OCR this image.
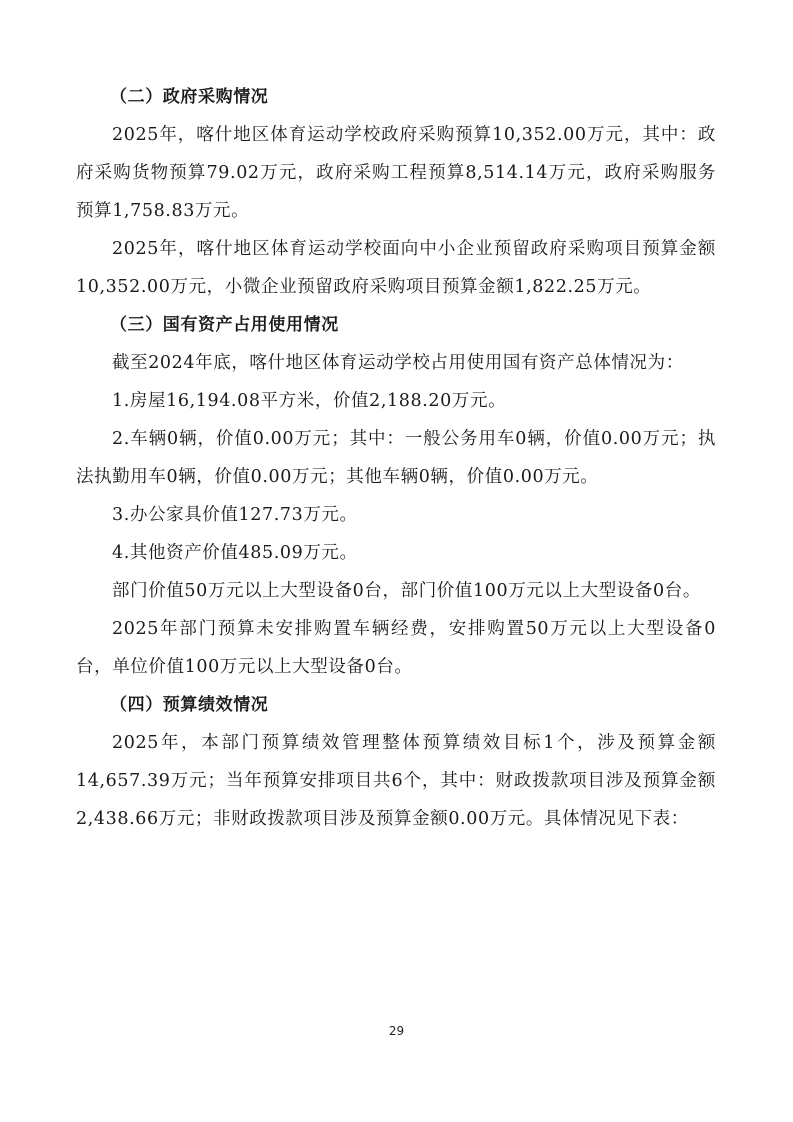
（二）政府采购情况

2025年，喀什地区体育运动学校政府采购预算10,352.00万元，其中：政府采购货物预算79.02万元，政府采购工程预算8,514.14万元，政府采购服务预算1,758.83万元。

2025年，喀什地区体育运动学校面向中小企业预留政府采购项目预算金额10,352.00万元，小微企业预留政府采购项目预算金额1,822.25万元。

（三）国有资产占用使用情况

截至2024年底，喀什地区体育运动学校占用使用国有资产总体情况为：

1.房屋16,194.08平方米，价值2,188.20万元。

2.车辆0辆，价值0.00万元；其中：一般公务用车0辆，价值0.00万元；执法执勤用车0辆，价值0.00万元；其他车辆0辆，价值0.00万元。

3.办公家具价值127.73万元。

4.其他资产价值485.09万元。

部门价值50万元以上大型设备0台，部门价值100万元以上大型设备0台。

2025年部门预算未安排购置车辆经费，安排购置50万元以上大型设备0台，单位价值100万元以上大型设备0台。

（四）预算绩效情况

2025年，本部门预算绩效管理整体预算绩效目标1个，涉及预算金额14,657.39万元；当年预算安排项目共6个，其中：财政拨款项目涉及预算金额2,438.66万元；非财政拨款项目涉及预算金额0.00万元。具体情况见下表：

29
